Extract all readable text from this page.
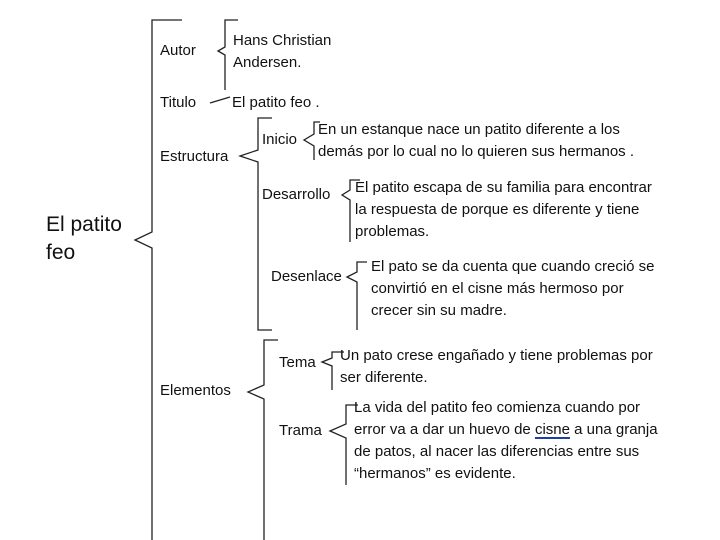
El patito
feo
Autor
Hans Christian
Andersen.
Titulo El patito feo .
Estructura
Inicio
En un estanque nace un patito diferente a los
demás por lo cual no lo quieren sus hermanos .
Desarrollo El patito escapa de su familia para encontrar
la respuesta de porque es diferente y tiene
problemas.
Desenlace
El pato se da cuenta que cuando creció se
convirtió en el cisne más hermoso por
crecer sin su madre.
Elementos
Tema Un pato crese engañado y tiene problemas por
ser diferente.
Trama
La vida del patito feo comienza cuando por
error va a dar un huevo de cisne a una granja
de patos, al nacer las diferencias entre sus
“hermanos” es evidente.
